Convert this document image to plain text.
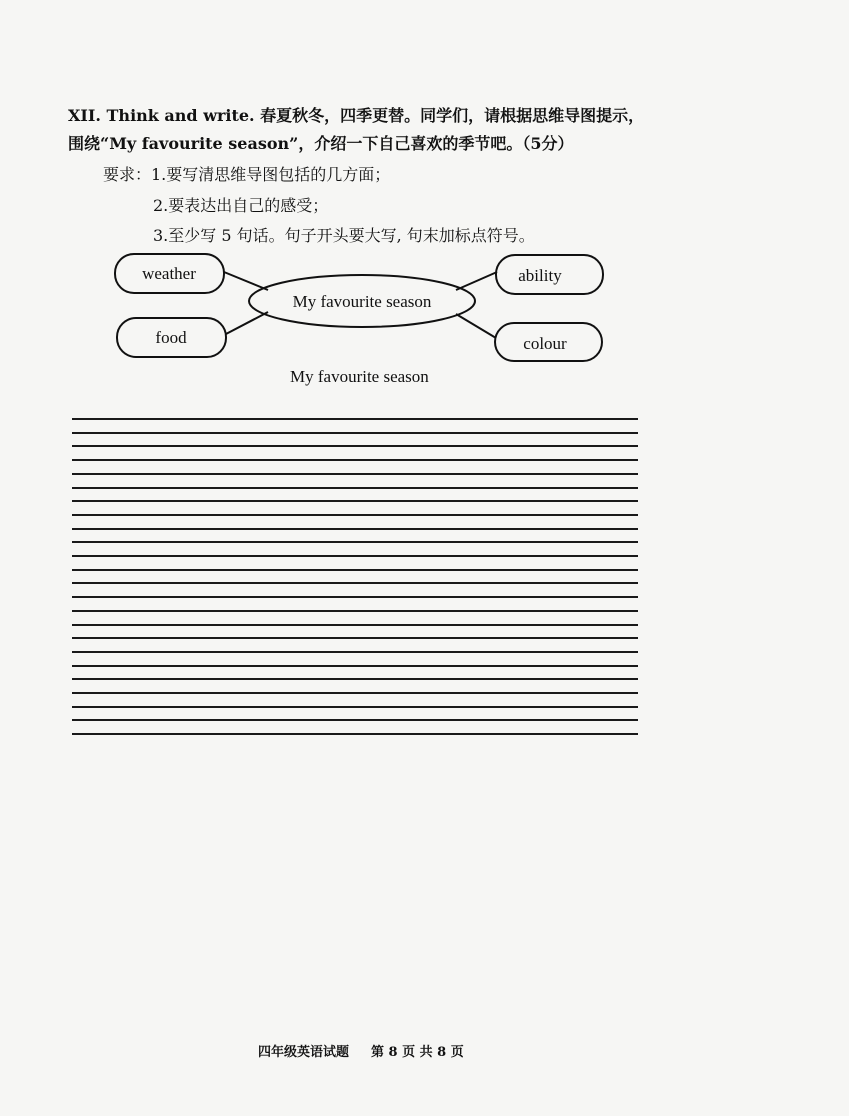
XII. Think and write. 春夏秋冬，四季更替。同学们，请根据思维导图提示，
围绕“My favourite season”，介绍一下自己喜欢的季节吧。（5分）
要求：1.要写清思维导图包括的几方面；
2.要表达出自己的感受；
3.至少写 5 句话。句子开头要大写, 句末加标点符号。
My favourite season
weather
food
ability
colour
My favourite season
四年级英语试题 第 8 页 共 8 页
